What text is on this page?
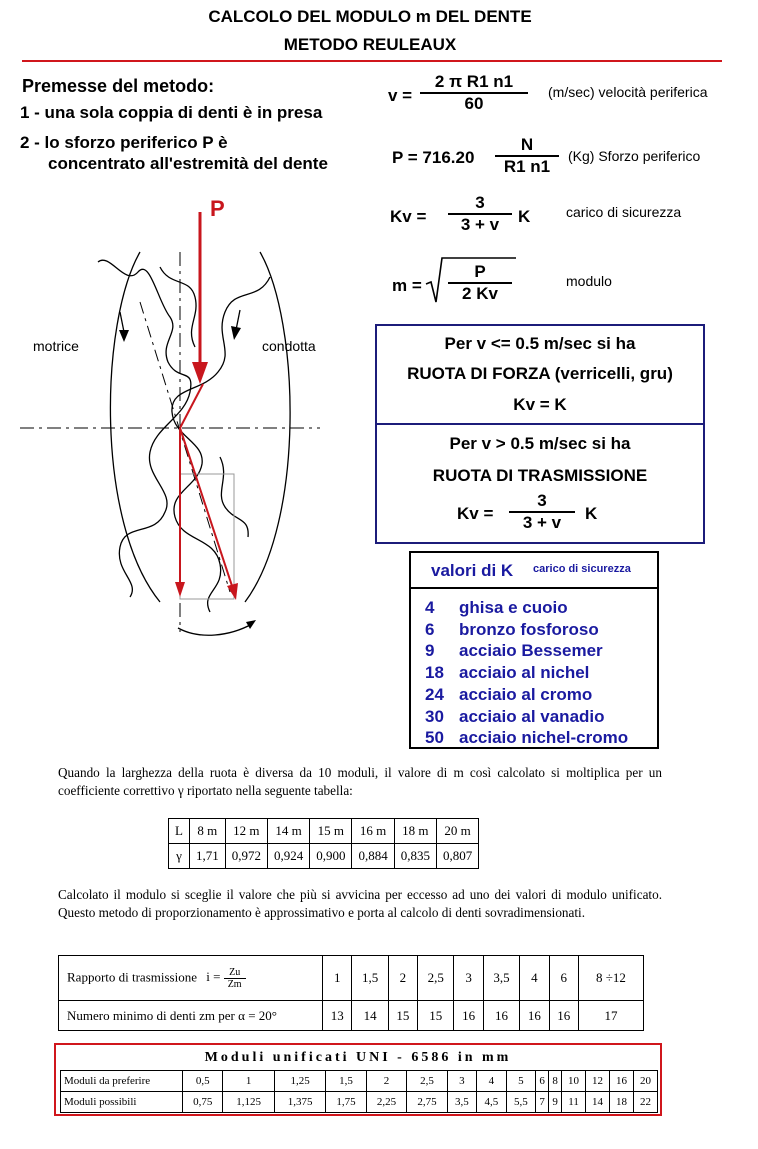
CALCOLO DEL MODULO m DEL DENTE
METODO REULEAUX
Premesse del metodo:
1 - una sola coppia di denti è in presa
2 - lo sforzo periferico P è
concentrato all'estremità del dente
$v = \frac{\text{2 π R1 n1}}{60} (m/\sec)$ velocità periferica
$P = 716.20 \frac{N}{R1 n1} (Kg)$ Sforzo periferico
$Kv = \frac{3}{3 + v}$ K	carico di sicurezza
$m = \frac{P}{2 Kv}$	modulo
P
motrice	condotta	Per v <= 0.5 m/sec si ha
RUOTA DI FORZA (verricelli, gru)
Kv = K
Per v > 0.5 m/sec si ha
RUOTA DI TRASMISSIONE
$Kv = \frac{3}{3 + v}$ K
valori di K carico di sicurezza
4	ghisa e cuoio
6	bronzo fosforoso
9	acciaio Bessemer
18 acciaio al nichel
24 acciaio al cromo
30 acciaio al vanadio
50 acciaio nichel-cromo
Quando la larghezza della ruota è diversa da 10 moduli, il valore di m così calcolato si moltiplica per un coefficiente correttivo γ riportato nella seguente tabella:
L	8 m	12 m	14 m	15 m	16 m	18 m	20 m
γ	1,71	0,972	0,924	0,900	0,884	0,835	0,807
Calcolato il modulo si sceglie il valore che più si avvicina per eccesso ad uno dei valori di modulo unificato. Questo metodo di proporzionamento è approssimativo e porta al calcolo di denti sovradimensionati.
Rapporto di trasmissione $i = \frac{Zu}{Zm}$	1	1,5	2	2,5	3	3,5	4	6	8 ÷12
Numero minimo di denti zm per α = 20°	13	14	15	15	16	16	16	16	17
Moduli unificati UNI - 6586 in mm
Moduli da preferire	0,5	1	1,25	1,5	2	2,5	3	4	5	6	8	10	12	16	20
Moduli possibili	0,75	1,125	1,375	1,75	2,25	2,75	3,5	4,5	5,5	7	9	11	14	18	22
